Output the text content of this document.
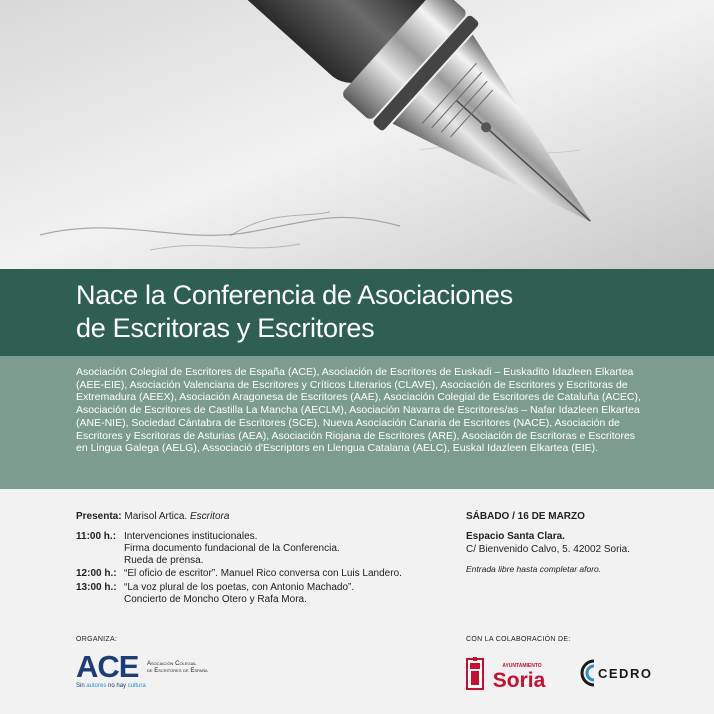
Nace la Conferencia de Asociaciones
de Escritoras y Escritores

Asociación Colegial de Escritores de España (ACE), Asociación de Escritores de Euskadi – Euskadito Idazleen Elkartea (AEE-EIE), Asociación Valenciana de Escritores y Críticos Literarios (CLAVE), Asociación de Escritores y Escritoras de Extremadura (AEEX), Asociación Aragonesa de Escritores (AAE), Asociación Colegial de Escritores de Cataluña (ACEC), Asociación de Escritores de Castilla La Mancha (AECLM), Asociación Navarra de Escritores/as – Nafar Idazleen Elkartea (ANE-NIE), Sociedad Cántabra de Escritores (SCE), Nueva Asociación Canaria de Escritores (NACE), Asociación de Escritores y Escritoras de Asturias (AEA), Asociación Riojana de Escritores (ARE), Asociación de Escritoras e Escritores en Lingua Galega (AELG), Associació d'Escriptors en Llengua Catalana (AELC), Euskal Idazleen Elkartea (EIE).

Presenta: Marisol Artica. Escritora
11:00 h.: Intervenciones institucionales.
Firma documento fundacional de la Conferencia.
Rueda de prensa.
12:00 h.: “El oficio de escritor”. Manuel Rico conversa con Luis Landero.
13:00 h.: “La voz plural de los poetas, con Antonio Machado”.
Concierto de Moncho Otero y Rafa Mora.
SÁBADO / 16 DE MARZO
Espacio Santa Clara.
C/ Bienvenido Calvo, 5. 42002 Soria.
Entrada libre hasta completar aforo.
ORGANIZA:	CON LA COLABORACIÓN DE:
ACE
Sin autores no hay cultura
Asociación Colegial
de Escritores de España
AYUNTAMIENTO
Soria	CEDRO
